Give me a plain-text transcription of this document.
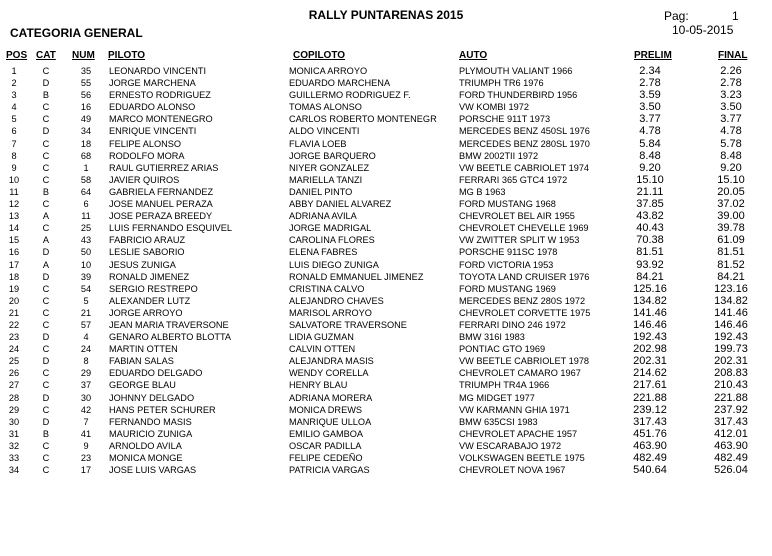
RALLY PUNTARENAS 2015
CATEGORIA GENERAL
Pag:	1
10-05-2015
POS CAT NUM PILOTO	COPILOTO	AUTO	PRELIM	FINAL
1	C	35	LEONARDO VINCENTI	MONICA ARROYO	PLYMOUTH VALIANT 1966	2.34	2.26
2	D	55	JORGE MARCHENA	EDUARDO MARCHENA	TRIUMPH TR6 1976	2.78	2.78
3	B	56	ERNESTO RODRIGUEZ	GUILLERMO RODRIGUEZ F.	FORD THUNDERBIRD 1956	3.59	3.23
4	C	16	EDUARDO ALONSO	TOMAS ALONSO	VW KOMBI 1972	3.50	3.50
5	C	49	MARCO MONTENEGRO	CARLOS ROBERTO MONTENEGR	PORSCHE 911T 1973	3.77	3.77
6	D	34	ENRIQUE VINCENTI	ALDO VINCENTI	MERCEDES BENZ 450SL 1976	4.78	4.78
7	C	18	FELIPE ALONSO	FLAVIA LOEB	MERCEDES BENZ 280SL 1970	5.84	5.78
8	C	68	RODOLFO MORA	JORGE BARQUERO	BMW 2002TII 1972	8.48	8.48
9	C	1	RAUL GUTIERREZ ARIAS	NIYER GONZALEZ	VW BEETLE CABRIOLET 1974	9.20	9.20
10	C	58	JAVIER QUIROS	MARIELLA TANZI	FERRARI 365 GTC4 1972	15.10	15.10
11	B	64	GABRIELA FERNANDEZ	DANIEL PINTO	MG B 1963	21.11	20.05
12	C	6	JOSE MANUEL PERAZA	ABBY DANIEL ALVAREZ	FORD MUSTANG 1968	37.85	37.02
13	A	11	JOSE PERAZA BREEDY	ADRIANA AVILA	CHEVROLET BEL AIR 1955	43.82	39.00
14	C	25	LUIS FERNANDO ESQUIVEL	JORGE MADRIGAL	CHEVROLET CHEVELLE 1969	40.43	39.78
15	A	43	FABRICIO ARAUZ	CAROLINA FLORES	VW ZWITTER SPLIT W 1953	70.38	61.09
16	D	50	LESLIE SABORIO	ELENA FABRES	PORSCHE 911SC 1978	81.51	81.51
17	A	10	JESUS ZUNIGA	LUIS DIEGO ZUNIGA	FORD VICTORIA 1953	93.92	81.52
18	D	39	RONALD JIMENEZ	RONALD EMMANUEL JIMENEZ	TOYOTA LAND CRUISER 1976	84.21	84.21
19	C	54	SERGIO RESTREPO	CRISTINA CALVO	FORD MUSTANG 1969	125.16	123.16
20	C	5	ALEXANDER LUTZ	ALEJANDRO CHAVES	MERCEDES BENZ 280S 1972	134.82	134.82
21	C	21	JORGE ARROYO	MARISOL ARROYO	CHEVROLET CORVETTE 1975	141.46	141.46
22	C	57	JEAN MARIA TRAVERSONE	SALVATORE TRAVERSONE	FERRARI DINO 246 1972	146.46	146.46
23	D	4	GENARO ALBERTO BLOTTA	LIDIA GUZMAN	BMW 316I 1983	192.43	192.43
24	C	24	MARTIN OTTEN	CALVIN OTTEN	PONTIAC GTO 1969	202.98	199.73
25	D	8	FABIAN SALAS	ALEJANDRA MASIS	VW BEETLE CABRIOLET 1978	202.31	202.31
26	C	29	EDUARDO DELGADO	WENDY CORELLA	CHEVROLET CAMARO 1967	214.62	208.83
27	C	37	GEORGE BLAU	HENRY BLAU	TRIUMPH TR4A 1966	217.61	210.43
28	D	30	JOHNNY DELGADO	ADRIANA MORERA	MG MIDGET 1977	221.88	221.88
29	C	42	HANS PETER SCHURER	MONICA DREWS	VW KARMANN GHIA 1971	239.12	237.92
30	D	7	FERNANDO MASIS	MANRIQUE ULLOA	BMW 635CSI 1983	317.43	317.43
31	B	41	MAURICIO ZUNIGA	EMILIO GAMBOA	CHEVROLET APACHE 1957	451.76	412.01
32	C	9	ARNOLDO AVILA	OSCAR PADILLA	VW ESCARABAJO 1972	463.90	463.90
33	C	23	MONICA MONGE	FELIPE CEDEÑO	VOLKSWAGEN BEETLE 1975	482.49	482.49
34	C	17	JOSE LUIS VARGAS	PATRICIA VARGAS	CHEVROLET NOVA 1967	540.64	526.04
